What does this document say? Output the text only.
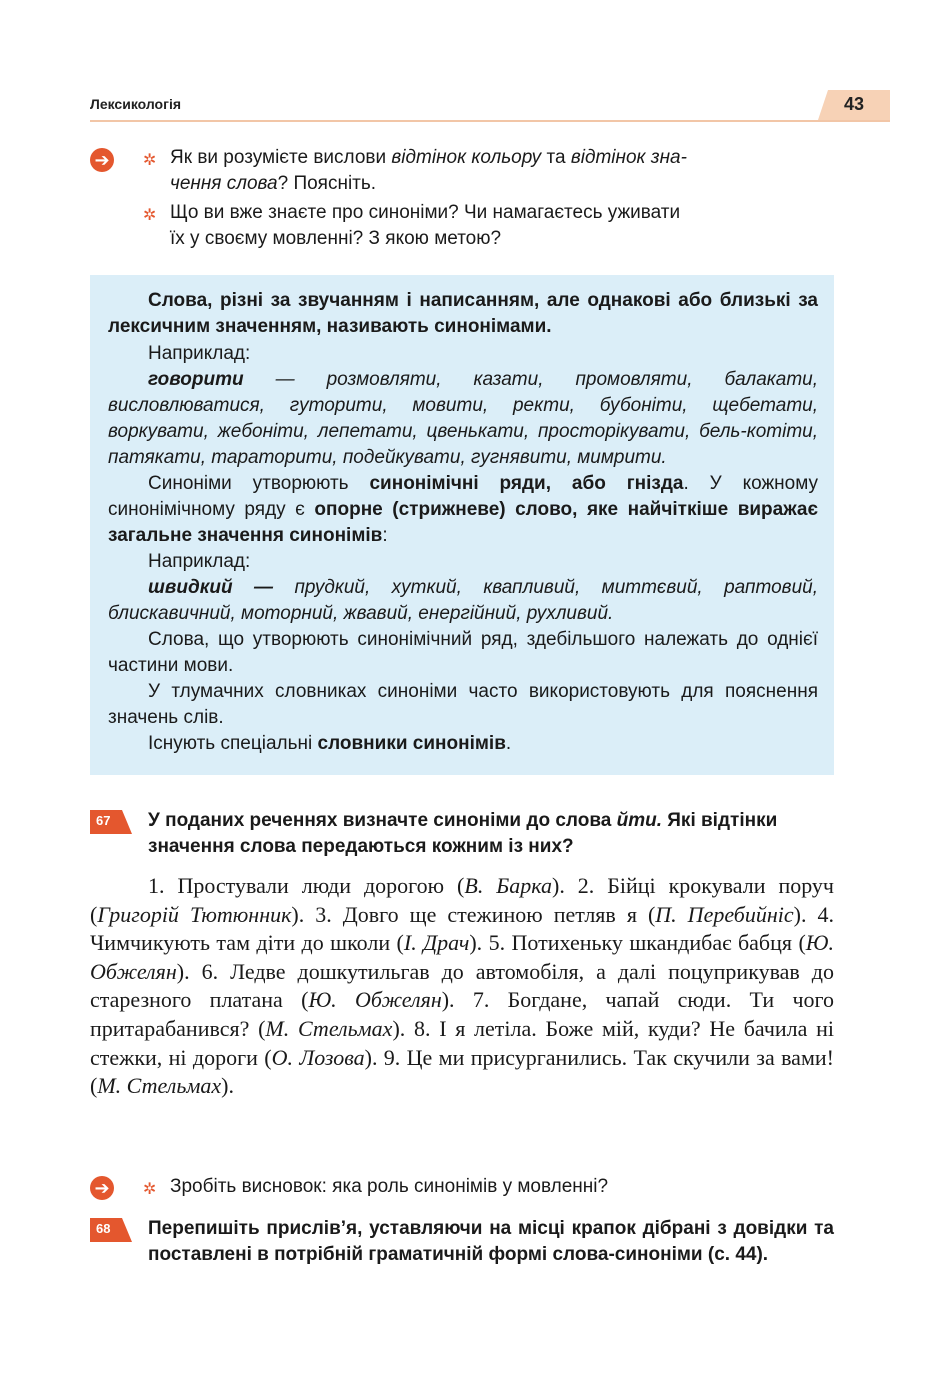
Лексикологія	43
➔ ✲ Як ви розумієте вислови відтінок кольору та відтінок зна-
чення слова? Поясніть.
✲ Що ви вже знаєте про синоніми? Чи намагаєтесь уживати
їх у своєму мовленні? З якою метою?
Слова, різні за звучанням і написанням, але однакові або близькі за лексичним значенням, називають синонімами.
Наприклад:
говорити — розмовляти, казати, промовляти, балакати, висловлюватися, гуторити, мовити, ректи, бубоніти, щебетати, воркувати, жебоніти, лепетати, цвенькати, просторікувати, бель-котіти, патякати, тараторити, подейкувати, гугнявити, мимрити.
Синоніми утворюють синонімічні ряди, або гнізда. У кожному синонімічному ряду є опорне (стрижневе) слово, яке найчіткіше виражає загальне значення синонімів:
Наприклад:
швидкий — прудкий, хуткий, квапливий, миттєвий, раптовий, блискавичний, моторний, жвавий, енергійний, рухливий.
Слова, що утворюють синонімічний ряд, здебільшого належать до однієї частини мови.
У тлумачних словниках синоніми часто використовують для пояснення значень слів.
Існують спеціальні словники синонімів.
67 У поданих реченнях визначте синоніми до слова йти. Які відтінки значення слова передаються кожним із них?
1. Простували люди дорогою (В. Барка). 2. Бійці крокували поруч (Григорій Тютюнник). 3. Довго ще стежиною петляв я (П. Перебийніс). 4. Чимчикують там діти до школи (І. Драч). 5. Потихеньку шкандибає бабця (Ю. Обжелян). 6. Ледве дошкутильгав до автомобіля, а далі поцуприкував до старезного платана (Ю. Обжелян). 7. Богдане, чапай сюди. Ти чого притарабанився? (М. Стельмах). 8. І я летіла. Боже мій, куди? Не бачила ні стежки, ні дороги (О. Лозова). 9. Це ми присурганились. Так скучили за вами! (М. Стельмах).
➔ ✲ Зробіть висновок: яка роль синонімів у мовленні?
68 Перепишіть прислів’я, уставляючи на місці крапок дібрані з довідки та поставлені в потрібній граматичній формі слова-синоніми (с. 44).
